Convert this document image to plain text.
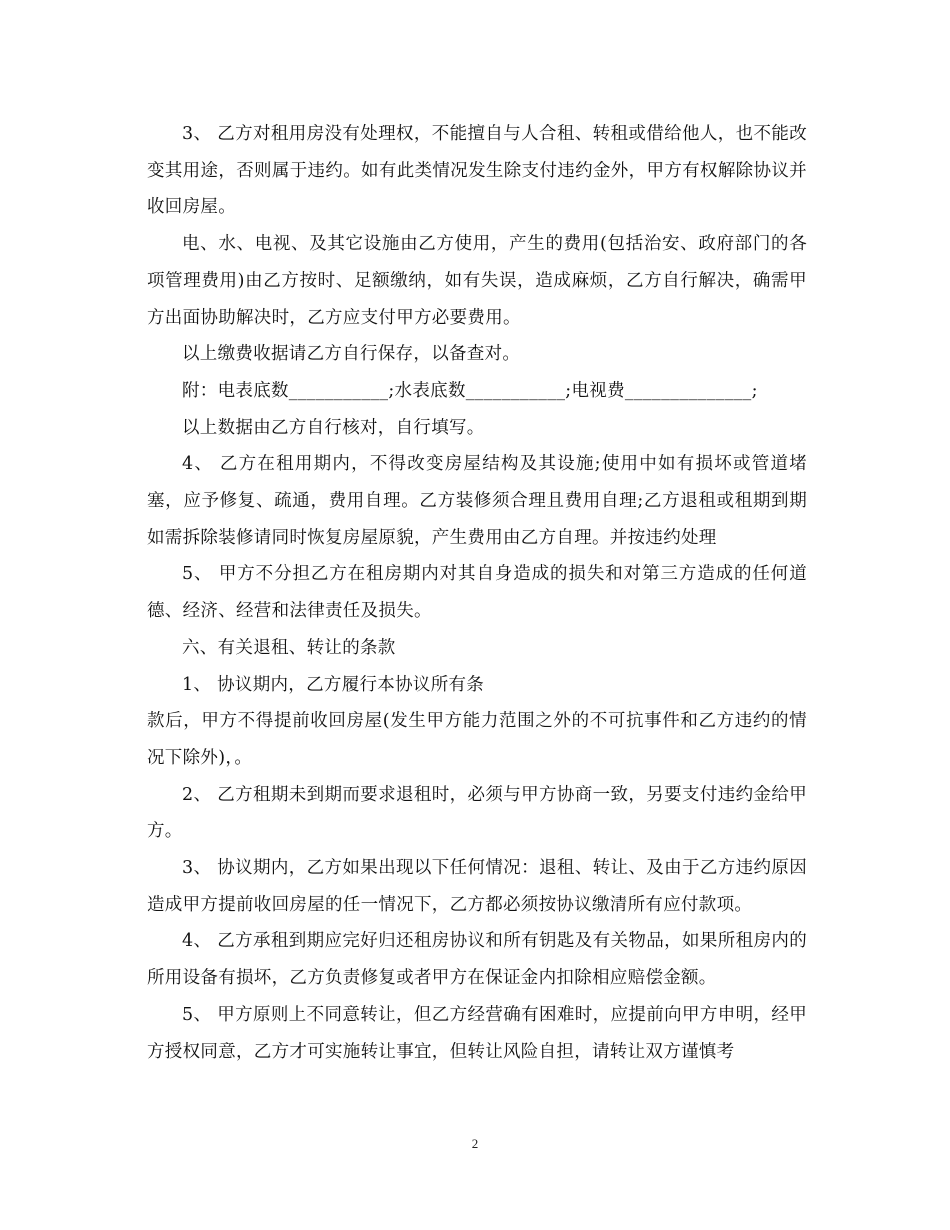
3、 乙方对租用房没有处理权，不能擅自与人合租、转租或借给他人，也不能改变其用途，否则属于违约。如有此类情况发生除支付违约金外，甲方有权解除协议并收回房屋。

电、水、电视、及其它设施由乙方使用，产生的费用(包括治安、政府部门的各项管理费用)由乙方按时、足额缴纳，如有失误，造成麻烦，乙方自行解决，确需甲方出面协助解决时，乙方应支付甲方必要费用。

以上缴费收据请乙方自行保存，以备查对。

附：电表底数___________;水表底数___________;电视费______________;

以上数据由乙方自行核对，自行填写。

4、 乙方在租用期内，不得改变房屋结构及其设施;使用中如有损坏或管道堵塞，应予修复、疏通，费用自理。乙方装修须合理且费用自理;乙方退租或租期到期如需拆除装修请同时恢复房屋原貌，产生费用由乙方自理。并按违约处理

5、 甲方不分担乙方在租房期内对其自身造成的损失和对第三方造成的任何道德、经济、经营和法律责任及损失。

六、有关退租、转让的条款

1、 协议期内，乙方履行本协议所有条

款后，甲方不得提前收回房屋(发生甲方能力范围之外的不可抗事件和乙方违约的情况下除外)，。

2、 乙方租期未到期而要求退租时，必须与甲方协商一致，另要支付违约金给甲方。

3、 协议期内，乙方如果出现以下任何情况：退租、转让、及由于乙方违约原因造成甲方提前收回房屋的任一情况下，乙方都必须按协议缴清所有应付款项。

4、 乙方承租到期应完好归还租房协议和所有钥匙及有关物品，如果所租房内的所用设备有损坏，乙方负责修复或者甲方在保证金内扣除相应赔偿金额。

5、 甲方原则上不同意转让，但乙方经营确有困难时，应提前向甲方申明，经甲方授权同意，乙方才可实施转让事宜，但转让风险自担，请转让双方谨慎考

2
